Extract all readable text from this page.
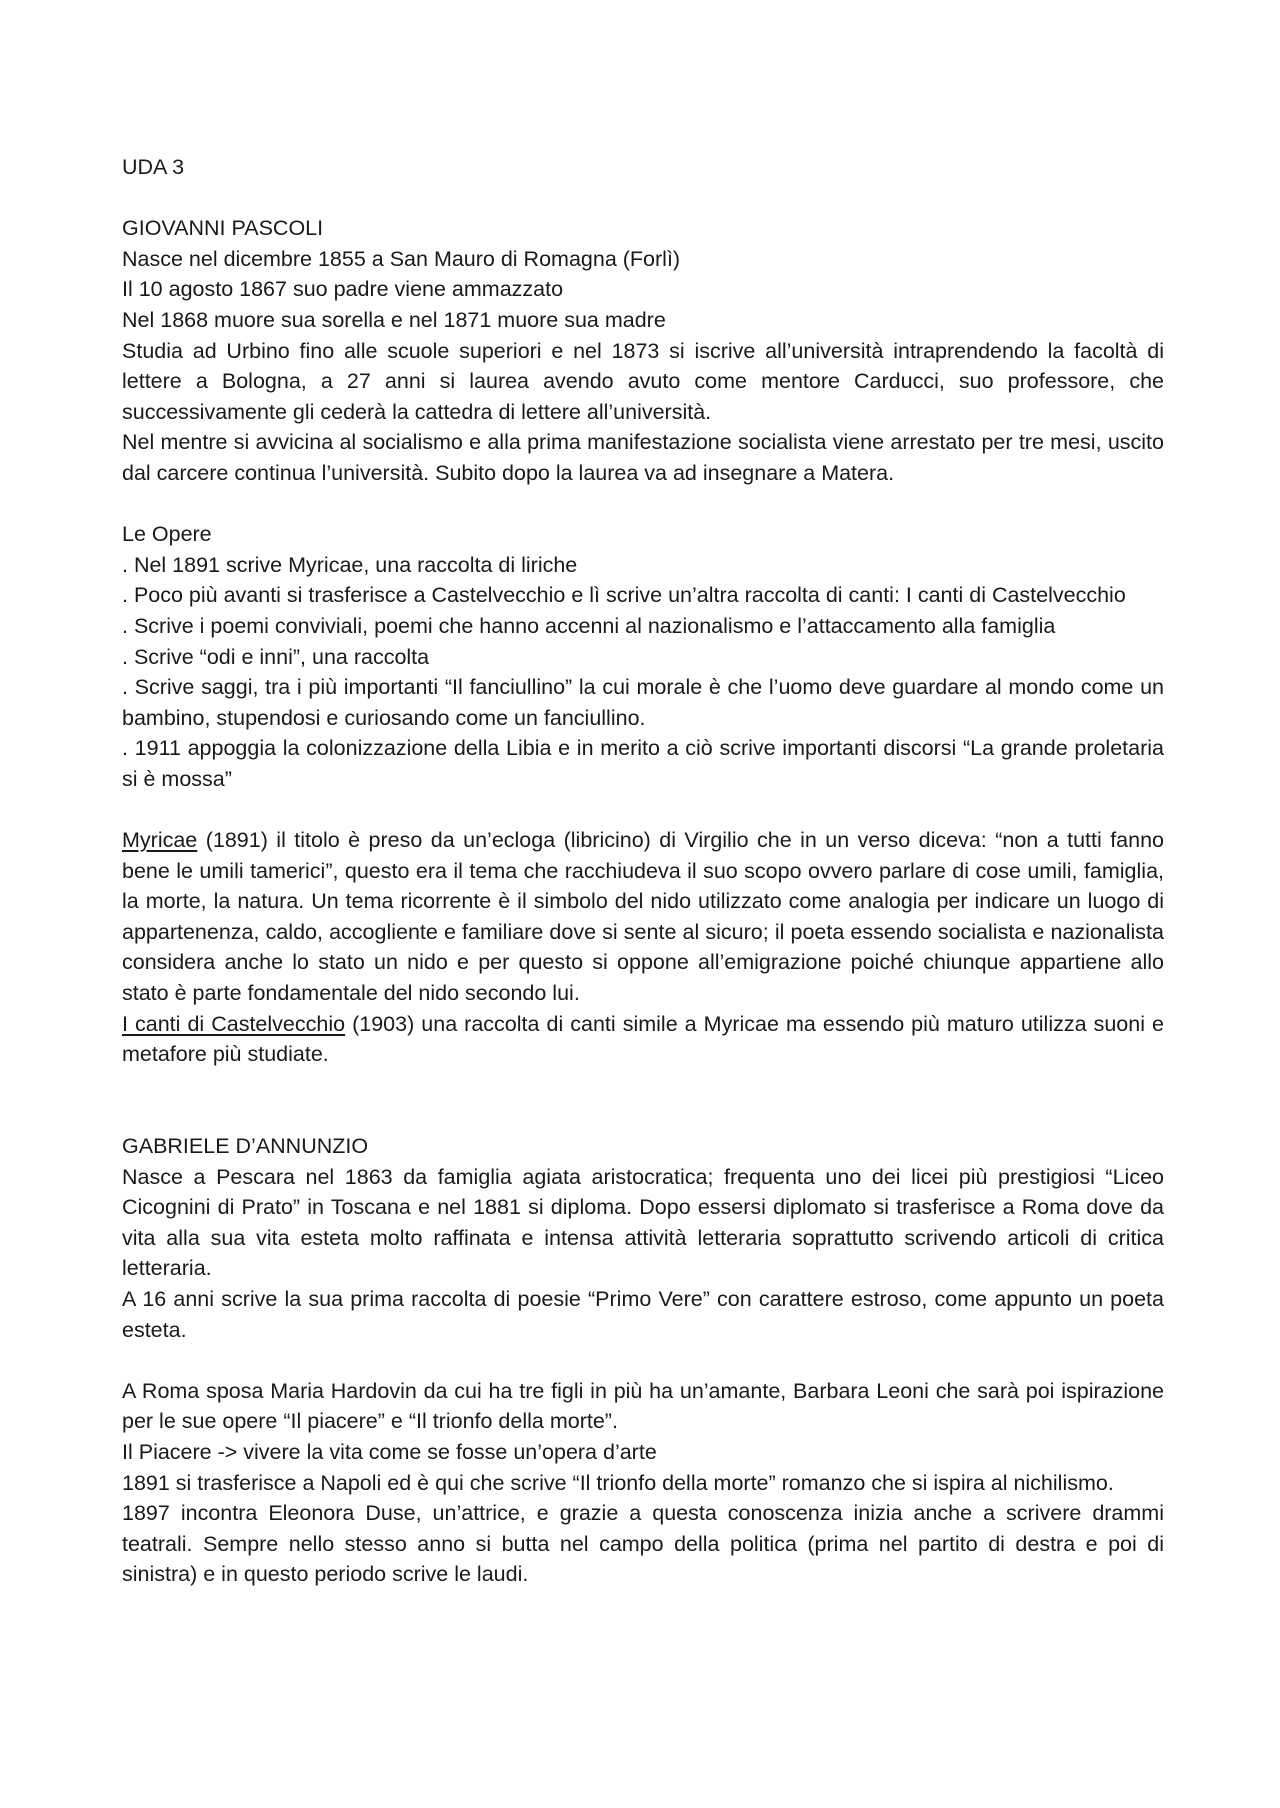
UDA 3

GIOVANNI PASCOLI

Nasce nel dicembre 1855 a San Mauro di Romagna (Forlì)

Il 10 agosto 1867 suo padre viene ammazzato

Nel 1868 muore sua sorella e nel 1871 muore sua madre

Studia ad Urbino fino alle scuole superiori e nel 1873 si iscrive all’università intraprendendo la facoltà di lettere a Bologna, a 27 anni si laurea avendo avuto come mentore Carducci, suo professore, che successivamente gli cederà la cattedra di lettere all’università.

Nel mentre si avvicina al socialismo e alla prima manifestazione socialista viene arrestato per tre mesi, uscito dal carcere continua l’università. Subito dopo la laurea va ad insegnare a Matera.

Le Opere

. Nel 1891 scrive Myricae, una raccolta di liriche

. Poco più avanti si trasferisce a Castelvecchio e lì scrive un’altra raccolta di canti: I canti di Castelvecchio

. Scrive i poemi conviviali, poemi che hanno accenni al nazionalismo e l’attaccamento alla famiglia

. Scrive “odi e inni”, una raccolta

. Scrive saggi, tra i più importanti “Il fanciullino” la cui morale è che l’uomo deve guardare al mondo come un bambino, stupendosi e curiosando come un fanciullino.

. 1911 appoggia la colonizzazione della Libia e in merito a ciò scrive importanti discorsi “La grande proletaria si è mossa”

Myricae (1891) il titolo è preso da un’ecloga (libricino) di Virgilio che in un verso diceva: “non a tutti fanno bene le umili tamerici”, questo era il tema che racchiudeva il suo scopo ovvero parlare di cose umili, famiglia, la morte, la natura. Un tema ricorrente è il simbolo del nido utilizzato come analogia per indicare un luogo di appartenenza, caldo, accogliente e familiare dove si sente al sicuro; il poeta essendo socialista e nazionalista considera anche lo stato un nido e per questo si oppone all’emigrazione poiché chiunque appartiene allo stato è parte fondamentale del nido secondo lui.

I canti di Castelvecchio (1903) una raccolta di canti simile a Myricae ma essendo più maturo utilizza suoni e metafore più studiate.

GABRIELE D’ANNUNZIO

Nasce a Pescara nel 1863 da famiglia agiata aristocratica; frequenta uno dei licei più prestigiosi “Liceo Cicognini di Prato” in Toscana e nel 1881 si diploma. Dopo essersi diplomato si trasferisce a Roma dove da vita alla sua vita esteta molto raffinata e intensa attività letteraria soprattutto scrivendo articoli di critica letteraria.

A 16 anni scrive la sua prima raccolta di poesie “Primo Vere” con carattere estroso, come appunto un poeta esteta.

A Roma sposa Maria Hardovin da cui ha tre figli in più ha un’amante, Barbara Leoni che sarà poi ispirazione per le sue opere “Il piacere” e “Il trionfo della morte”.

Il Piacere -> vivere la vita come se fosse un’opera d’arte

1891 si trasferisce a Napoli ed è qui che scrive “Il trionfo della morte” romanzo che si ispira al nichilismo.

1897 incontra Eleonora Duse, un’attrice, e grazie a questa conoscenza inizia anche a scrivere drammi teatrali. Sempre nello stesso anno si butta nel campo della politica (prima nel partito di destra e poi di sinistra) e in questo periodo scrive le laudi.
